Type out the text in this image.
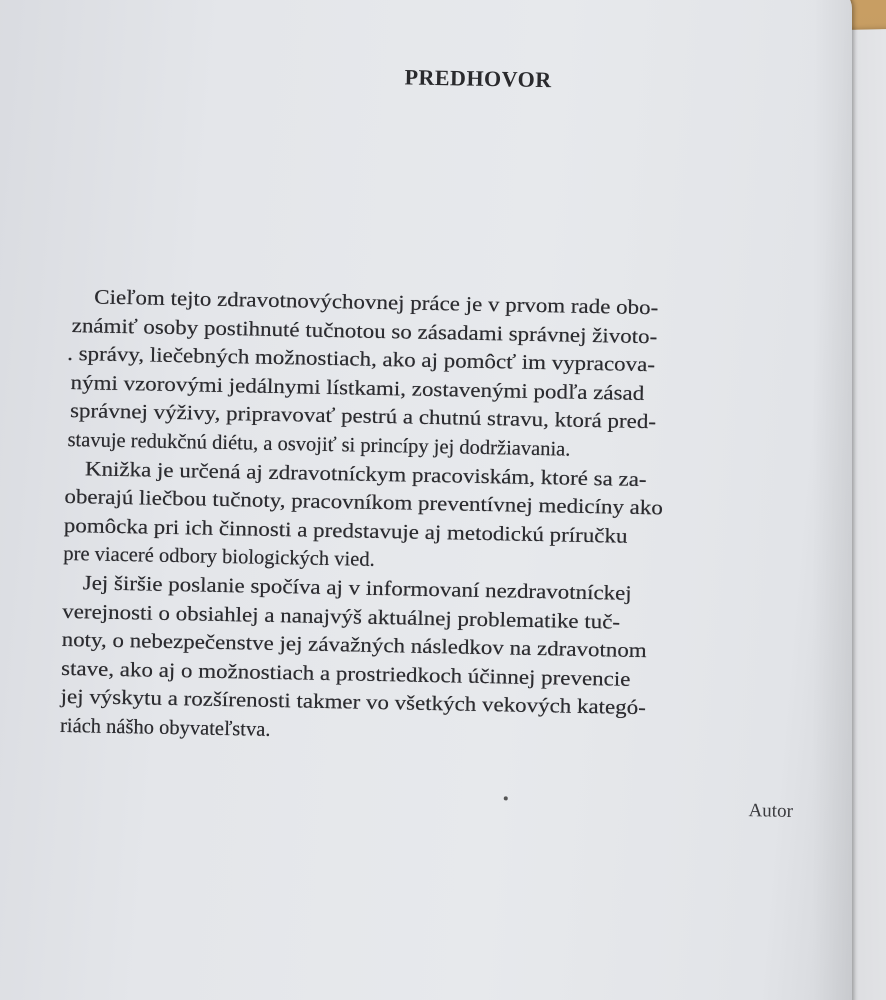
PREDHOVOR
Cieľom tejto zdravotnovýchovnej práce je v prvom rade obo-
známiť osoby postihnuté tučnotou so zásadami správnej životo-
. správy, liečebných možnostiach, ako aj pomôcť im vypracova-
nými vzorovými jedálnymi lístkami, zostavenými podľa zásad
správnej výživy, pripravovať pestrú a chutnú stravu, ktorá pred-
stavuje redukčnú diétu, a osvojiť si princípy jej dodržiavania.
Knižka je určená aj zdravotníckym pracoviskám, ktoré sa za-
oberajú liečbou tučnoty, pracovníkom preventívnej medicíny ako
pomôcka pri ich činnosti a predstavuje aj metodickú príručku
pre viaceré odbory biologických vied.
Jej širšie poslanie spočíva aj v informovaní nezdravotníckej
verejnosti o obsiahlej a nanajvýš aktuálnej problematike tuč-
noty, o nebezpečenstve jej závažných následkov na zdravotnom
stave, ako aj o možnostiach a prostriedkoch účinnej prevencie
jej výskytu a rozšírenosti takmer vo všetkých vekových kategó-
riách nášho obyvateľstva.
Autor
